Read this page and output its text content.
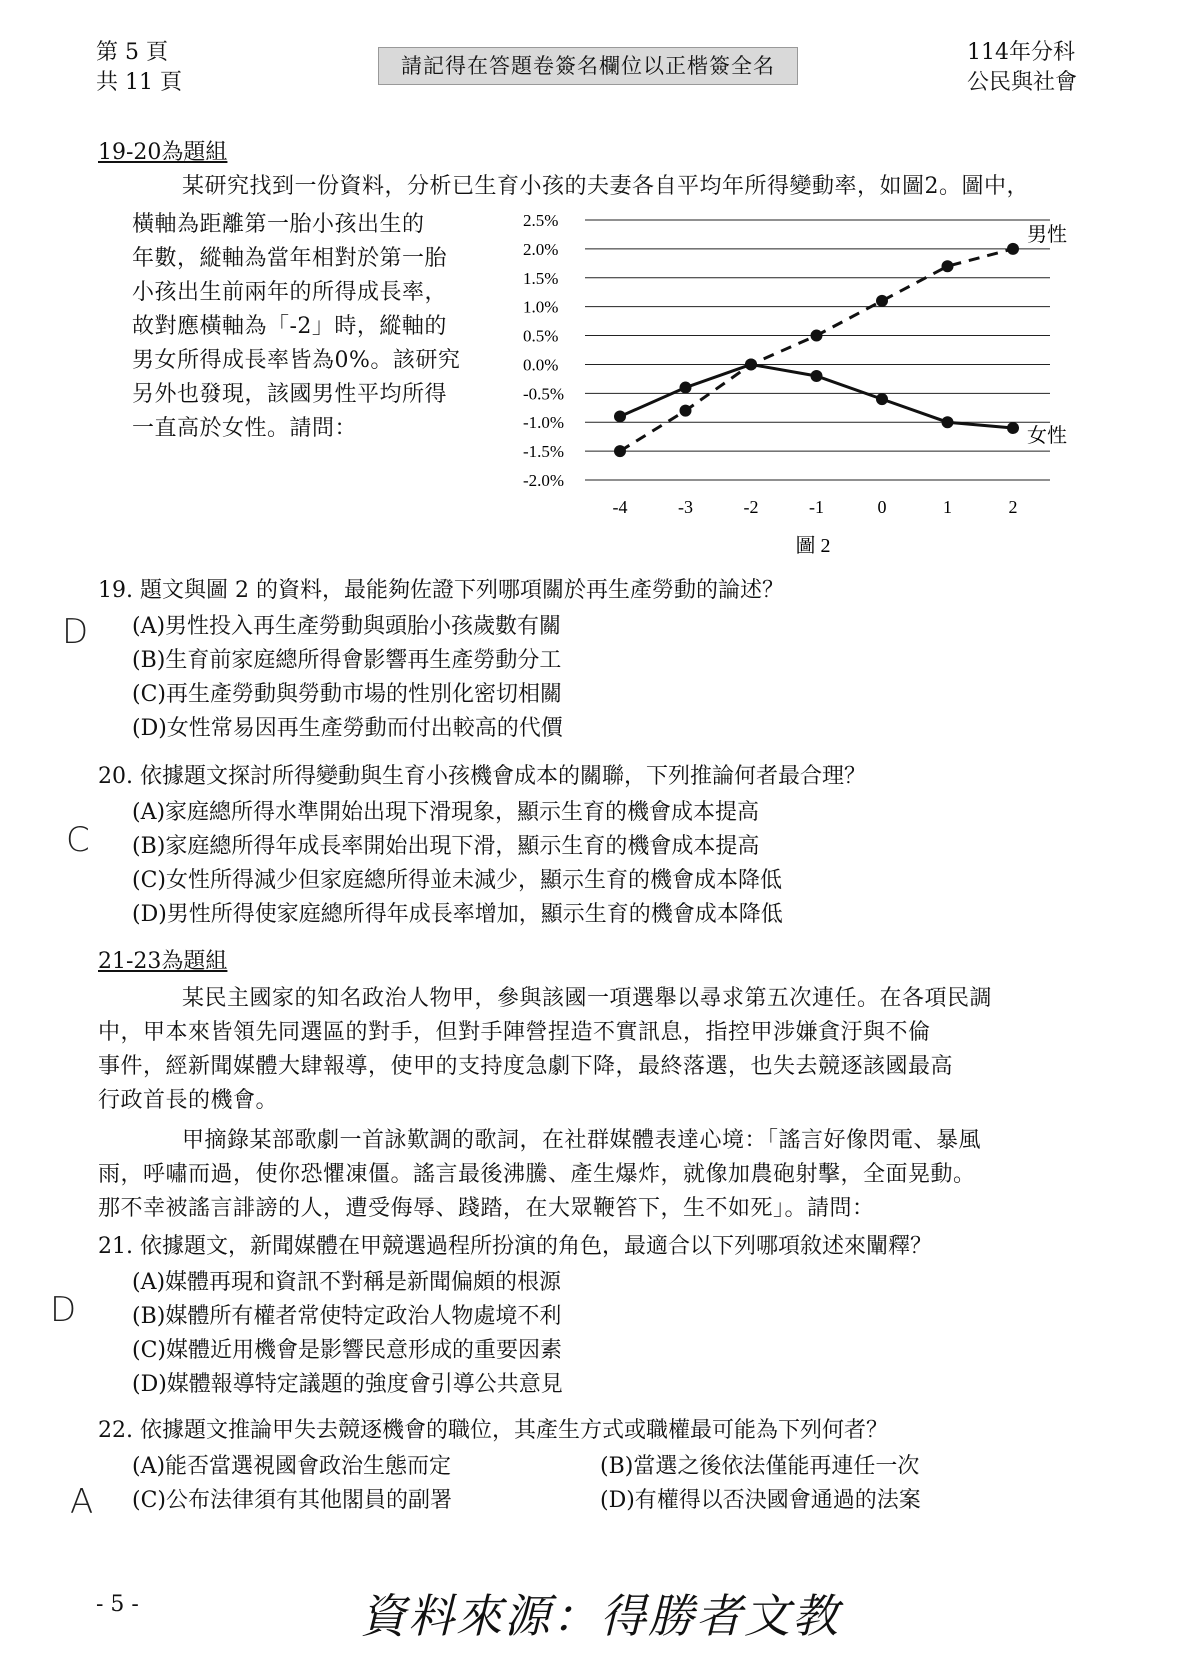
第 5 頁
共 11 頁
請記得在答題卷簽名欄位以正楷簽全名
114年分科
公民與社會
19-20為題組
某研究找到一份資料，分析已生育小孩的夫妻各自平均年所得變動率，如圖2。圖中，
橫軸為距離第一胎小孩出生的
年數，縱軸為當年相對於第一胎
小孩出生前兩年的所得成長率，
故對應橫軸為「-2」時，縱軸的
男女所得成長率皆為0%。該研究
另外也發現，該國男性平均所得
一直高於女性。請問：
2.5%
2.0%
1.5%
1.0%
0.5%
0.0%
-0.5%
-1.0%
-1.5%
-2.0%
-4	-3	-2	-1	0	1	2
男性
女性
圖 2
19. 題文與圖 2 的資料，最能夠佐證下列哪項關於再生產勞動的論述？
D (A)男性投入再生產勞動與頭胎小孩歲數有關
(B)生育前家庭總所得會影響再生產勞動分工
(C)再生產勞動與勞動市場的性別化密切相關
(D)女性常易因再生產勞動而付出較高的代價
20. 依據題文探討所得變動與生育小孩機會成本的關聯，下列推論何者最合理？
C
(A)家庭總所得水準開始出現下滑現象，顯示生育的機會成本提高
(B)家庭總所得年成長率開始出現下滑，顯示生育的機會成本提高
(C)女性所得減少但家庭總所得並未減少，顯示生育的機會成本降低
(D)男性所得使家庭總所得年成長率增加，顯示生育的機會成本降低
21-23為題組
某民主國家的知名政治人物甲，參與該國一項選舉以尋求第五次連任。在各項民調
中，甲本來皆領先同選區的對手，但對手陣營捏造不實訊息，指控甲涉嫌貪汙與不倫
事件，經新聞媒體大肆報導，使甲的支持度急劇下降，最終落選，也失去競逐該國最高
行政首長的機會。
甲摘錄某部歌劇一首詠歎調的歌詞，在社群媒體表達心境：「謠言好像閃電、暴風
雨，呼嘯而過，使你恐懼凍僵。謠言最後沸騰、產生爆炸，就像加農砲射擊，全面晃動。
那不幸被謠言誹謗的人，遭受侮辱、踐踏，在大眾鞭笞下，生不如死」。請問：
21. 依據題文，新聞媒體在甲競選過程所扮演的角色，最適合以下列哪項敘述來闡釋？
D
(A)媒體再現和資訊不對稱是新聞偏頗的根源
(B)媒體所有權者常使特定政治人物處境不利
(C)媒體近用機會是影響民意形成的重要因素
(D)媒體報導特定議題的強度會引導公共意見
22. 依據題文推論甲失去競逐機會的職位，其產生方式或職權最可能為下列何者？
A
(A)能否當選視國會政治生態而定	(B)當選之後依法僅能再連任一次
(C)公布法律須有其他閣員的副署	(D)有權得以否決國會通過的法案
- 5 -	資料來源：得勝者文教
